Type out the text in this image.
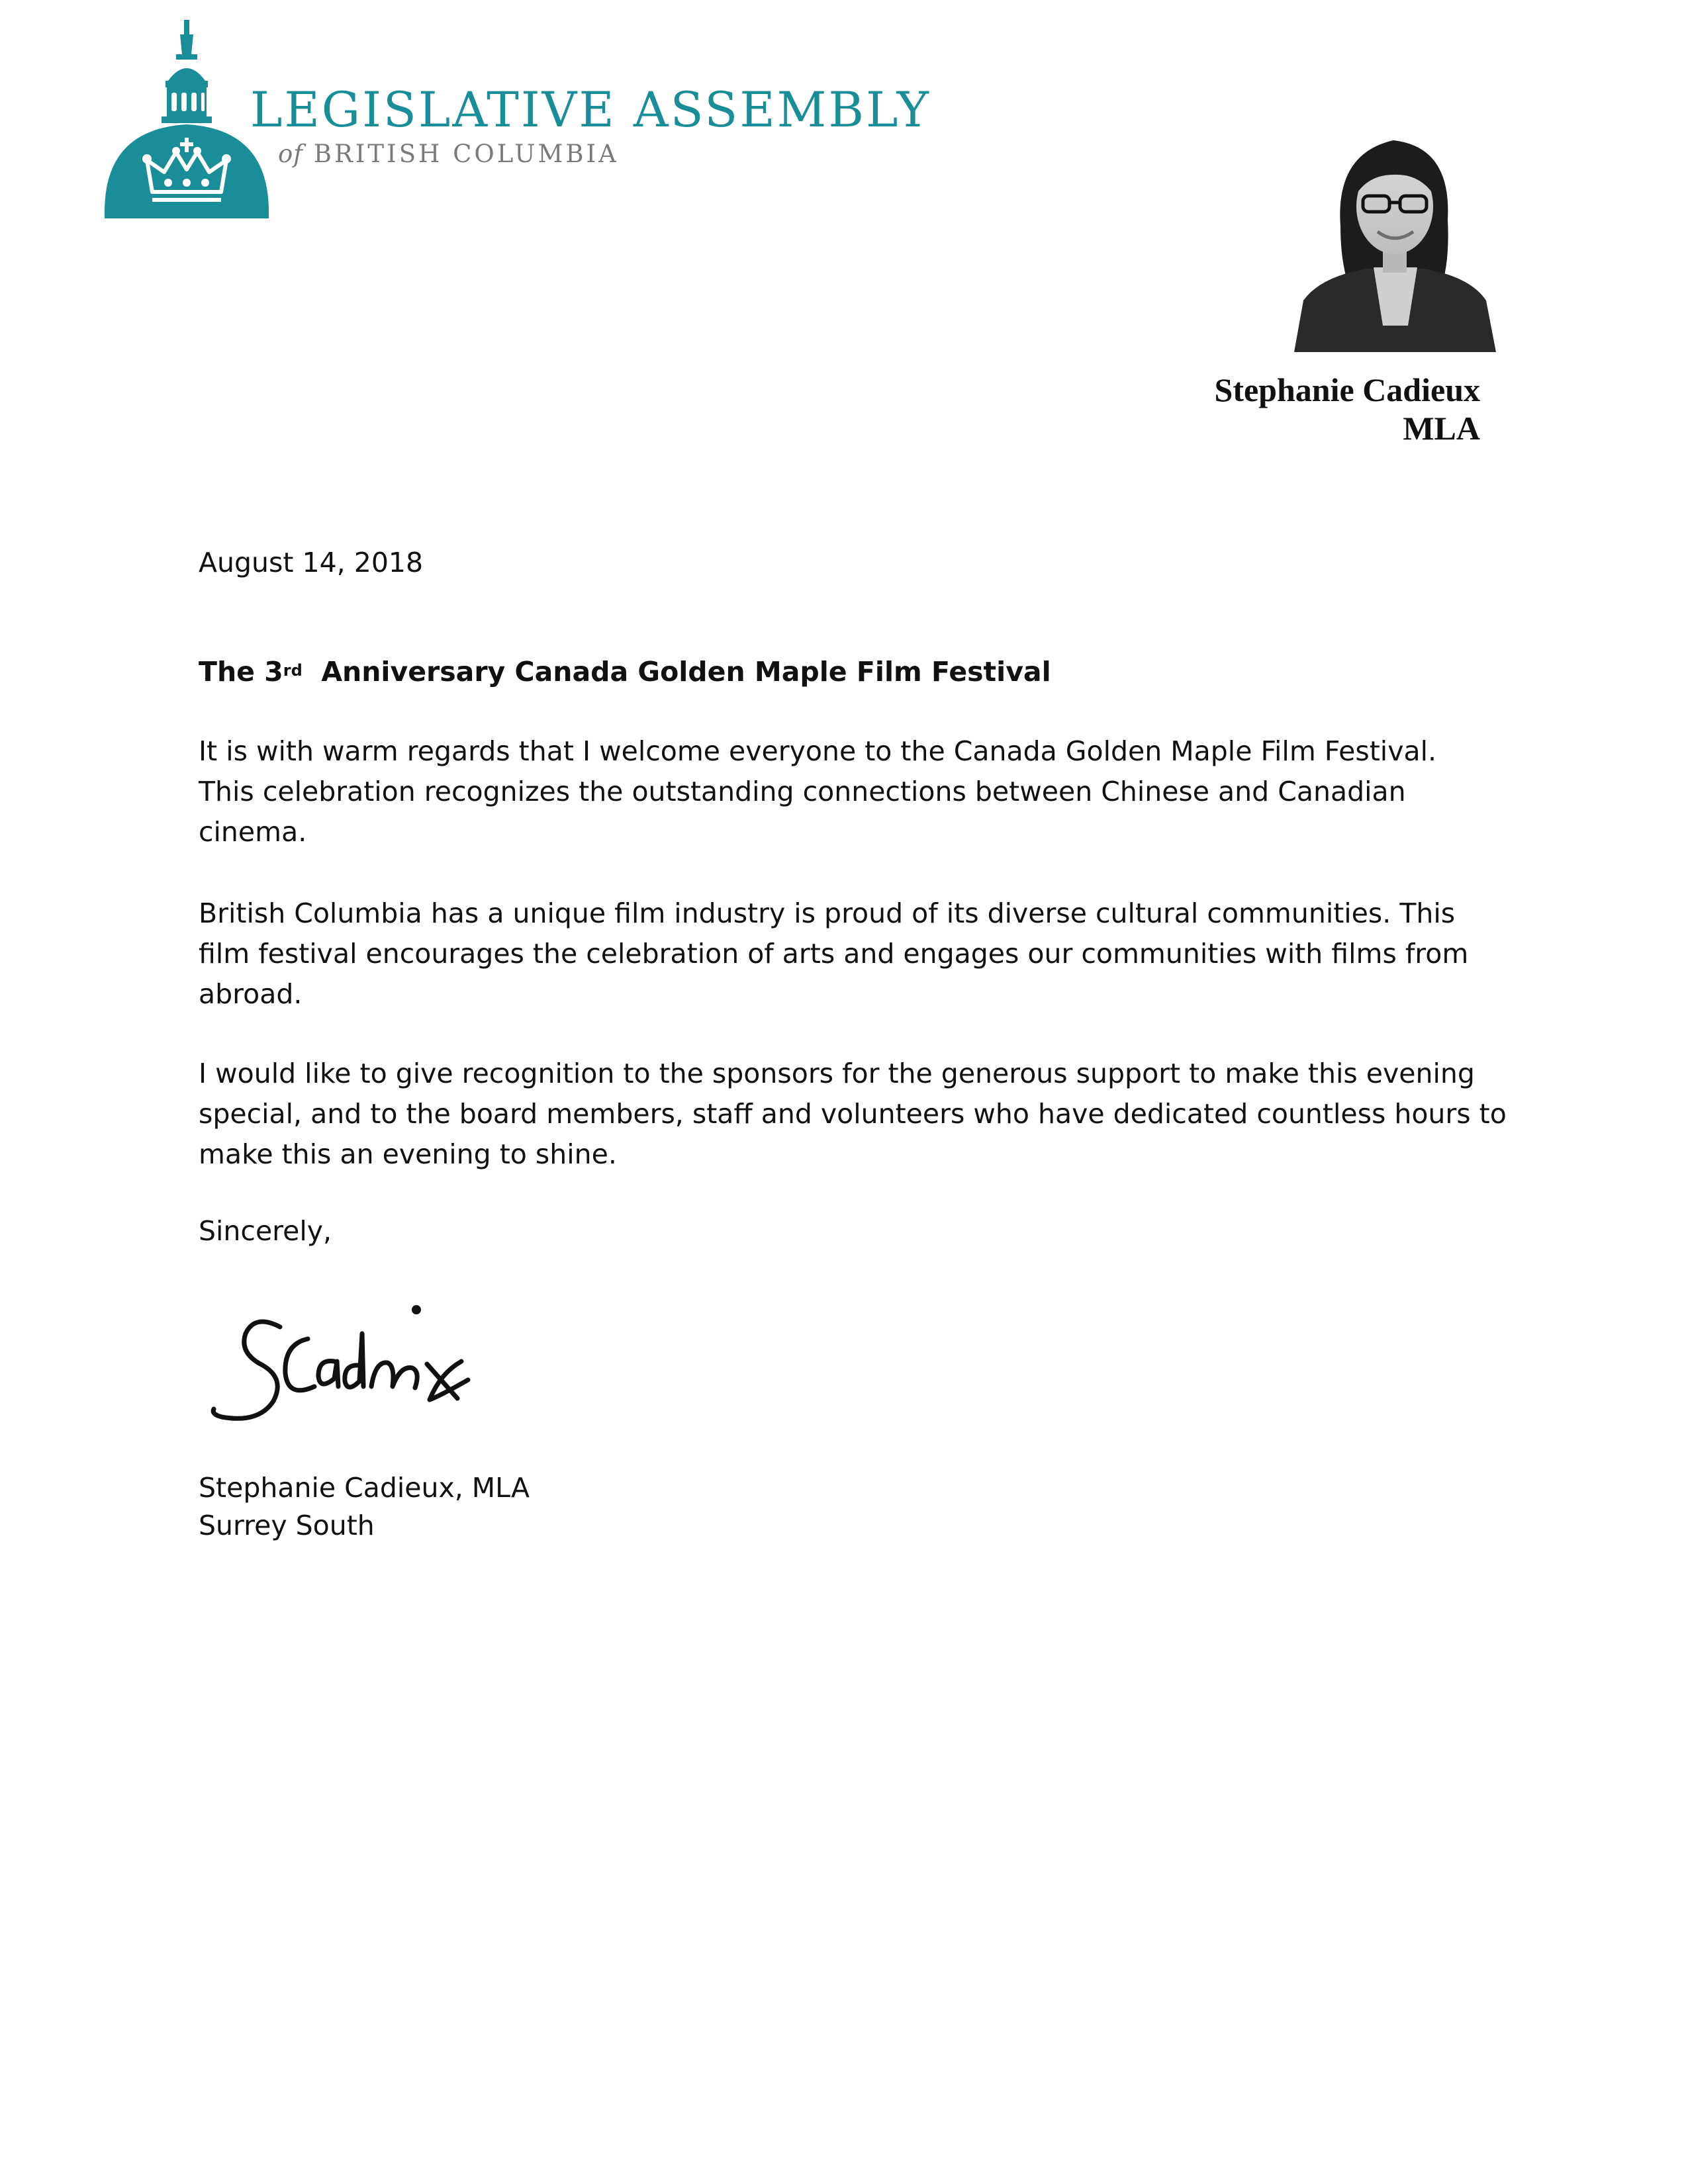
LEGISLATIVE ASSEMBLY
of BRITISH COLUMBIA
Stephanie Cadieux
MLA
August 14, 2018
The 3rd  Anniversary Canada Golden Maple Film Festival
It is with warm regards that I welcome everyone to the Canada Golden Maple Film Festival.
This celebration recognizes the outstanding connections between Chinese and Canadian
cinema.
British Columbia has a unique film industry is proud of its diverse cultural communities. This
film festival encourages the celebration of arts and engages our communities with films from
abroad.
I would like to give recognition to the sponsors for the generous support to make this evening
special, and to the board members, staff and volunteers who have dedicated countless hours to
make this an evening to shine.
Sincerely,
Stephanie Cadieux, MLA
Surrey South
